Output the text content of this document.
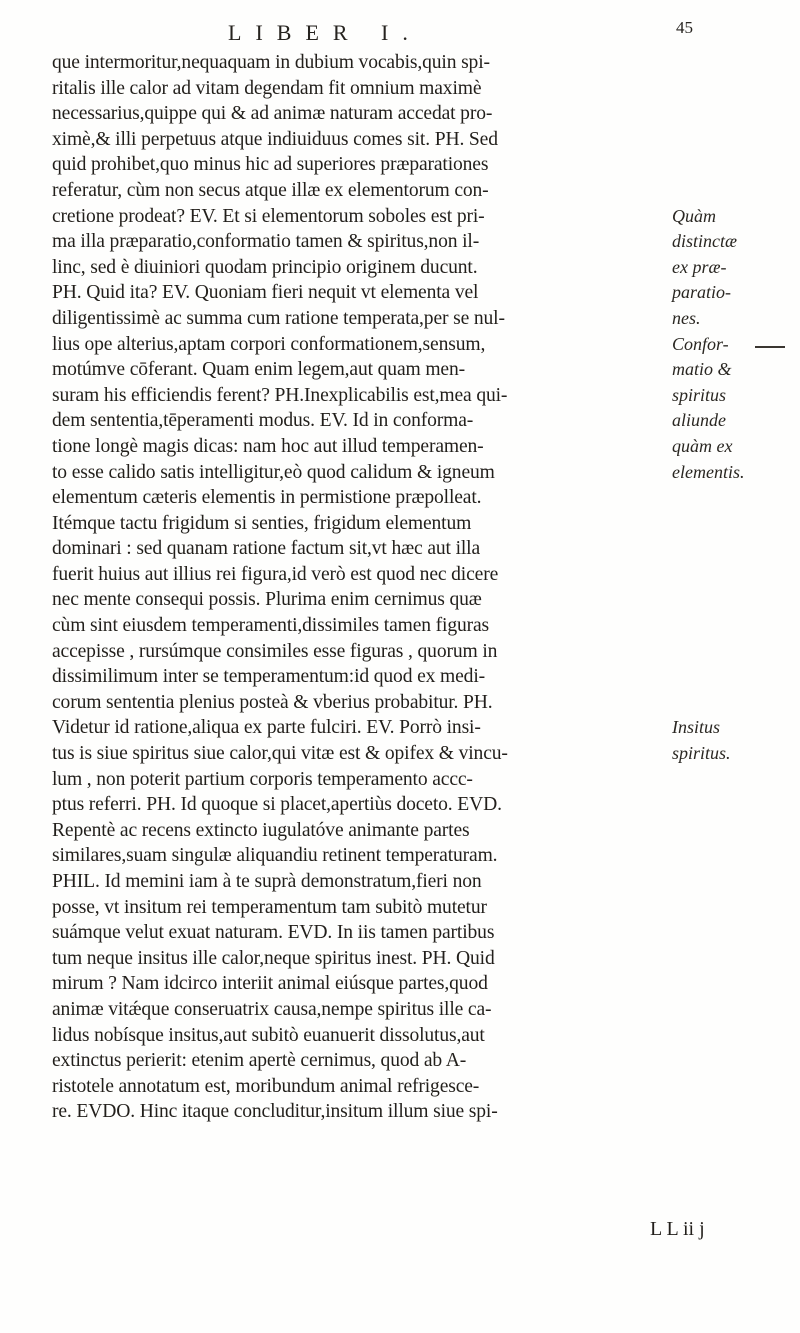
LIBER I.	45
que intermoritur,nequaquam in dubium vocabis,quin spi-
ritalis ille calor ad vitam degendam fit omnium maximè
necessarius,quippe qui & ad animæ naturam accedat pro-
ximè,& illi perpetuus atque indiuiduus comes sit. PH. Sed
quid prohibet,quo minus hic ad superiores præparationes
referatur, cùm non secus atque illæ ex elementorum con-
cretione prodeat? EV. Et si elementorum soboles est pri-	Quàm
ma illa præparatio,conformatio tamen & spiritus,non il-	distinctæ
linc, sed è diuiniori quodam principio originem ducunt.	ex præ-
PH. Quid ita? EV. Quoniam fieri nequit vt elementa vel	paratio-
diligentissimè ac summa cum ratione temperata,per se nul-	nes.
lius ope alterius,aptam corpori conformationem,sensum,	Confor-
motúmve cōferant. Quam enim legem,aut quam men-	matio &
suram his efficiendis ferent? PH.Inexplicabilis est,mea qui-	spiritus
dem sententia,tēperamenti modus. EV. Id in conforma-	aliunde
tione longè magis dicas: nam hoc aut illud temperamen-	quàm ex
to esse calido satis intelligitur,eò quod calidum & igneum	elementis.
elementum cæteris elementis in permistione præpolleat.
Itémque tactu frigidum si senties, frigidum elementum
dominari : sed quanam ratione factum sit,vt hæc aut illa
fuerit huius aut illius rei figura,id verò est quod nec dicere
nec mente consequi possis. Plurima enim cernimus quæ
cùm sint eiusdem temperamenti,dissimiles tamen figuras
accepisse , rursúmque consimiles esse figuras , quorum in
dissimilimum inter se temperamentum:id quod ex medi-
corum sententia plenius posteà & vberius probabitur. PH.
Videtur id ratione,aliqua ex parte fulciri. EV. Porrò insi-	Insitus
tus is siue spiritus siue calor,qui vitæ est & opifex & vincu-	spiritus.
lum , non poterit partium corporis temperamento accc-
ptus referri. PH. Id quoque si placet,apertiùs doceto. EVD.
Repentè ac recens extincto iugulatóve animante partes
similares,suam singulæ aliquandiu retinent temperaturam.
PHIL. Id memini iam à te suprà demonstratum,fieri non
posse, vt insitum rei temperamentum tam subitò mutetur
suámque velut exuat naturam. EVD. In iis tamen partibus
tum neque insitus ille calor,neque spiritus inest. PH. Quid
mirum ? Nam idcirco interiit animal eiúsque partes,quod
animæ vitǽque conseruatrix causa,nempe spiritus ille ca-
lidus nobísque insitus,aut subitò euanuerit dissolutus,aut
extinctus perierit: etenim apertè cernimus, quod ab A-
ristotele annotatum est, moribundum animal refrigesce-
re. EVDO. Hinc itaque concluditur,insitum illum siue spi-
L L ii j
